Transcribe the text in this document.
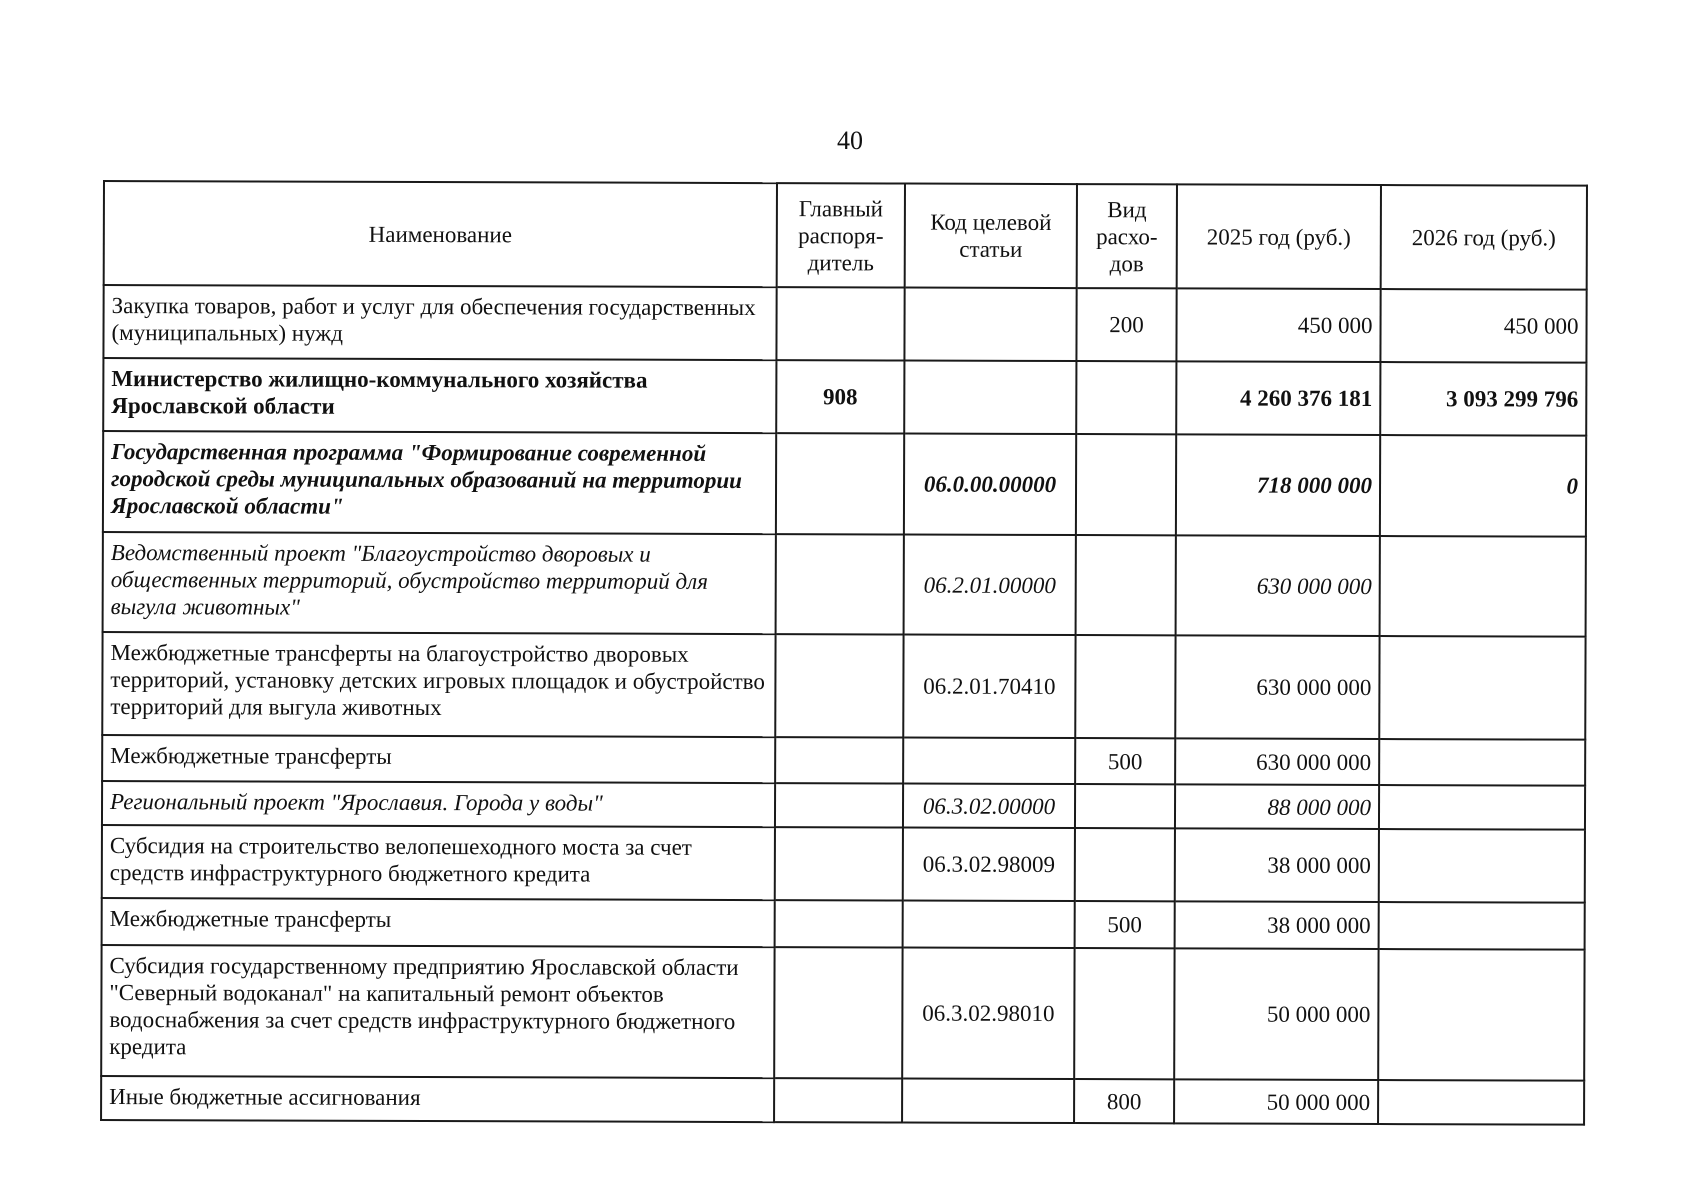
40
Наименование	Главный распоря-дитель	Код целевой статьи	Вид расхо-дов	2025 год (руб.)	2026 год (руб.)
Закупка товаров, работ и услуг для обеспечения государственных (муниципальных) нужд			200	450 000	450 000
Министерство жилищно-коммунального хозяйства Ярославской области	908			4 260 376 181	3 093 299 796
Государственная программа "Формирование современной городской среды муниципальных образований на территории Ярославской области"		06.0.00.00000		718 000 000	0
Ведомственный проект "Благоустройство дворовых и общественных территорий, обустройство территорий для выгула животных"		06.2.01.00000		630 000 000	
Межбюджетные трансферты на благоустройство дворовых территорий, установку детских игровых площадок и обустройство территорий для выгула животных		06.2.01.70410		630 000 000	
Межбюджетные трансферты			500	630 000 000	
Региональный проект "Ярославия. Города у воды"		06.3.02.00000		88 000 000	
Субсидия на строительство велопешеходного моста за счет средств инфраструктурного бюджетного кредита		06.3.02.98009		38 000 000	
Межбюджетные трансферты			500	38 000 000	
Субсидия государственному предприятию Ярославской области "Северный водоканал" на капитальный ремонт объектов водоснабжения за счет средств инфраструктурного бюджетного кредита		06.3.02.98010		50 000 000	
Иные бюджетные ассигнования			800	50 000 000	
